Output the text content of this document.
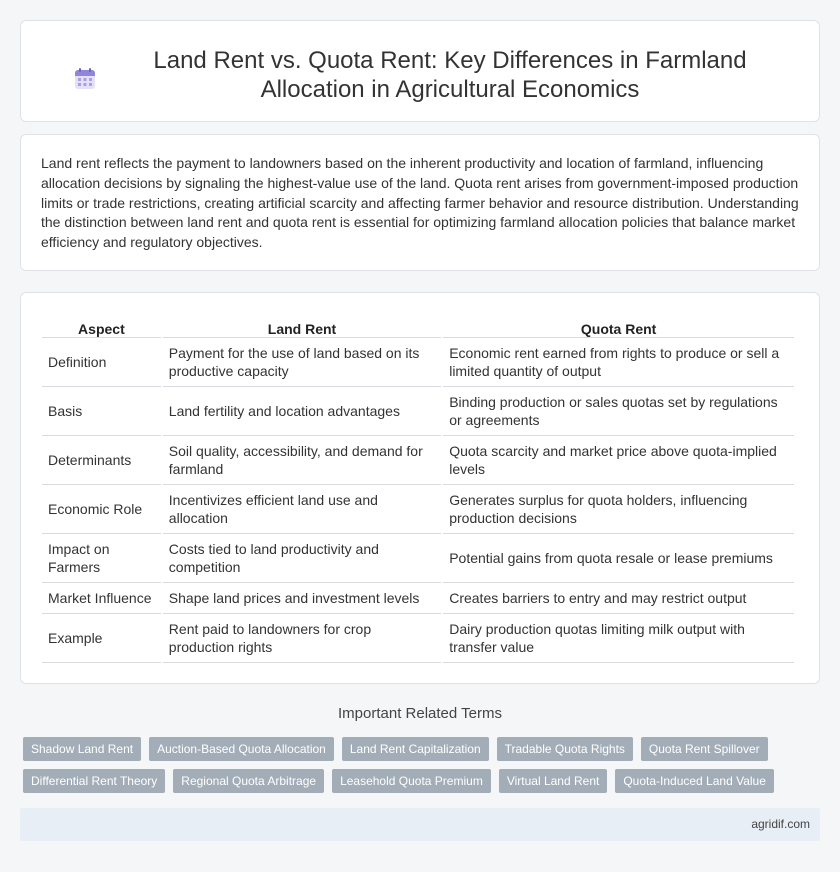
Land Rent vs. Quota Rent: Key Differences in Farmland Allocation in Agricultural Economics

Land rent reflects the payment to landowners based on the inherent productivity and location of farmland, influencing allocation decisions by signaling the highest-value use of the land. Quota rent arises from government-imposed production limits or trade restrictions, creating artificial scarcity and affecting farmer behavior and resource distribution. Understanding the distinction between land rent and quota rent is essential for optimizing farmland allocation policies that balance market efficiency and regulatory objectives.

Aspect	Land Rent	Quota Rent
Definition	Payment for the use of land based on its productive capacity	Economic rent earned from rights to produce or sell a limited quantity of output
Basis	Land fertility and location advantages	Binding production or sales quotas set by regulations or agreements
Determinants	Soil quality, accessibility, and demand for farmland	Quota scarcity and market price above quota-implied levels
Economic Role	Incentivizes efficient land use and allocation	Generates surplus for quota holders, influencing production decisions
Impact on Farmers	Costs tied to land productivity and competition	Potential gains from quota resale or lease premiums
Market Influence	Shape land prices and investment levels	Creates barriers to entry and may restrict output
Example	Rent paid to landowners for crop production rights	Dairy production quotas limiting milk output with transfer value
Important Related Terms
Shadow Land Rent	Auction-Based Quota Allocation	Land Rent Capitalization	Tradable Quota Rights	Quota Rent Spillover
Differential Rent Theory	Regional Quota Arbitrage	Leasehold Quota Premium	Virtual Land Rent	Quota-Induced Land Value
agridif.com
